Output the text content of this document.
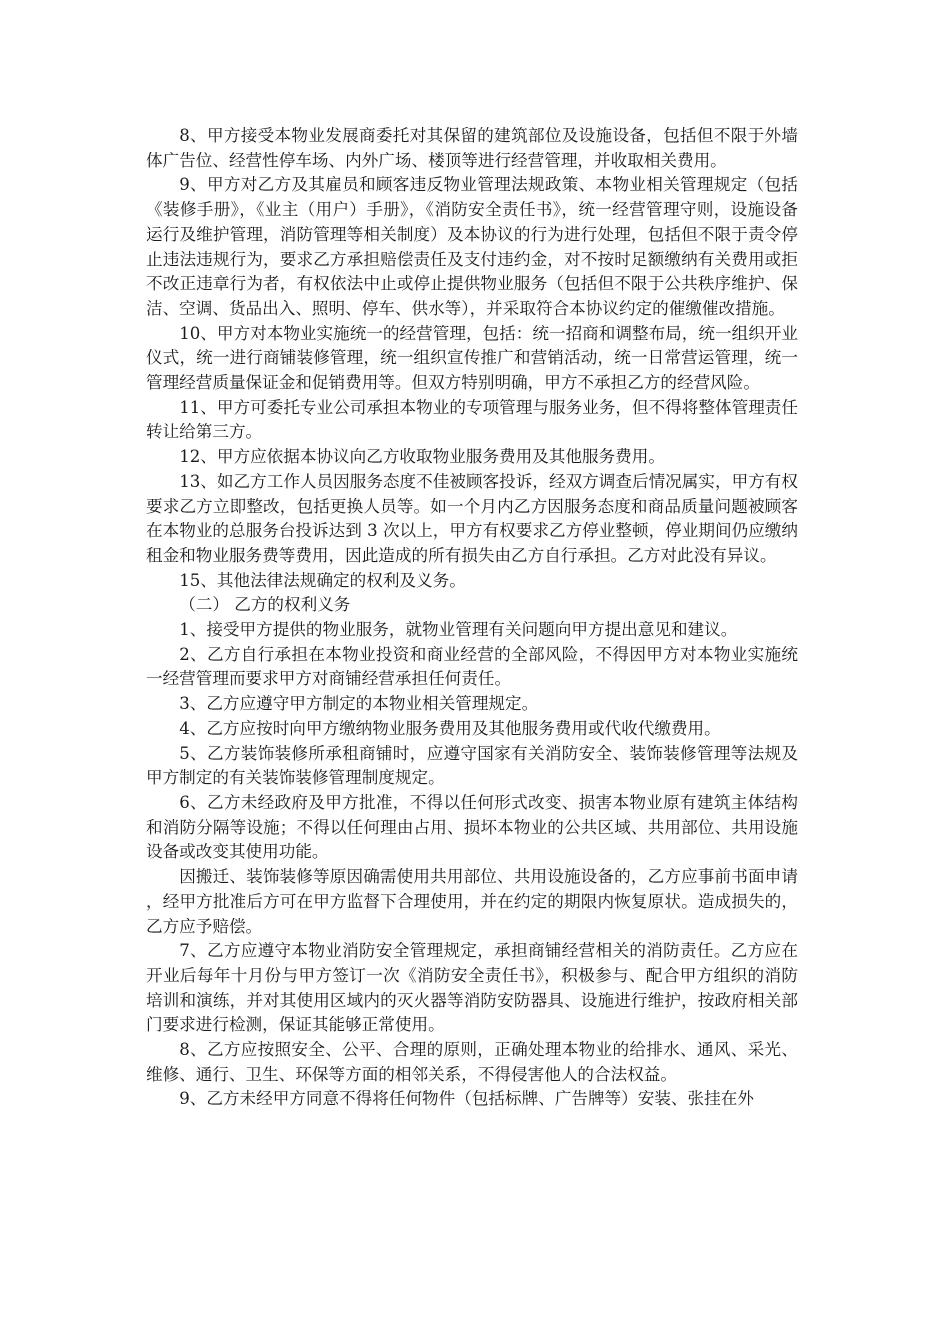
8、甲方接受本物业发展商委托对其保留的建筑部位及设施设备，包括但不限于外墙体广告位、经营性停车场、内外广场、楼顶等进行经营管理，并收取相关费用。

9、甲方对乙方及其雇员和顾客违反物业管理法规政策、本物业相关管理规定（包括《装修手册》，《业主（用户）手册》，《消防安全责任书》，统一经营管理守则，设施设备运行及维护管理，消防管理等相关制度）及本协议的行为进行处理，包括但不限于责令停止违法违规行为，要求乙方承担赔偿责任及支付违约金，对不按时足额缴纳有关费用或拒不改正违章行为者，有权依法中止或停止提供物业服务（包括但不限于公共秩序维护、保洁、空调、货品出入、照明、停车、供水等），并采取符合本协议约定的催缴催改措施。

10、甲方对本物业实施统一的经营管理，包括：统一招商和调整布局，统一组织开业仪式，统一进行商铺装修管理，统一组织宣传推广和营销活动，统一日常营运管理，统一管理经营质量保证金和促销费用等。但双方特别明确，甲方不承担乙方的经营风险。

11、甲方可委托专业公司承担本物业的专项管理与服务业务，但不得将整体管理责任转让给第三方。

12、甲方应依据本协议向乙方收取物业服务费用及其他服务费用。

13、如乙方工作人员因服务态度不佳被顾客投诉，经双方调查后情况属实，甲方有权要求乙方立即整改，包括更换人员等。如一个月内乙方因服务态度和商品质量问题被顾客在本物业的总服务台投诉达到 3 次以上，甲方有权要求乙方停业整顿，停业期间仍应缴纳租金和物业服务费等费用，因此造成的所有损失由乙方自行承担。乙方对此没有异议。

15、其他法律法规确定的权利及义务。

（二） 乙方的权利义务

1、接受甲方提供的物业服务，就物业管理有关问题向甲方提出意见和建议。

2、乙方自行承担在本物业投资和商业经营的全部风险，不得因甲方对本物业实施统一经营管理而要求甲方对商铺经营承担任何责任。

3、乙方应遵守甲方制定的本物业相关管理规定。

4、乙方应按时向甲方缴纳物业服务费用及其他服务费用或代收代缴费用。

5、乙方装饰装修所承租商铺时，应遵守国家有关消防安全、装饰装修管理等法规及甲方制定的有关装饰装修管理制度规定。

6、乙方未经政府及甲方批准，不得以任何形式改变、损害本物业原有建筑主体结构和消防分隔等设施；不得以任何理由占用、损坏本物业的公共区域、共用部位、共用设施设备或改变其使用功能。

因搬迁、装饰装修等原因确需使用共用部位、共用设施设备的，乙方应事前书面申请，经甲方批准后方可在甲方监督下合理使用，并在约定的期限内恢复原状。造成损失的，乙方应予赔偿。

7、乙方应遵守本物业消防安全管理规定，承担商铺经营相关的消防责任。乙方应在开业后每年十月份与甲方签订一次《消防安全责任书》，积极参与、配合甲方组织的消防培训和演练，并对其使用区域内的灭火器等消防安防器具、设施进行维护，按政府相关部门要求进行检测，保证其能够正常使用。

8、乙方应按照安全、公平、合理的原则，正确处理本物业的给排水、通风、采光、维修、通行、卫生、环保等方面的相邻关系，不得侵害他人的合法权益。

9、乙方未经甲方同意不得将任何物件（包括标牌、广告牌等）安装、张挂在外
